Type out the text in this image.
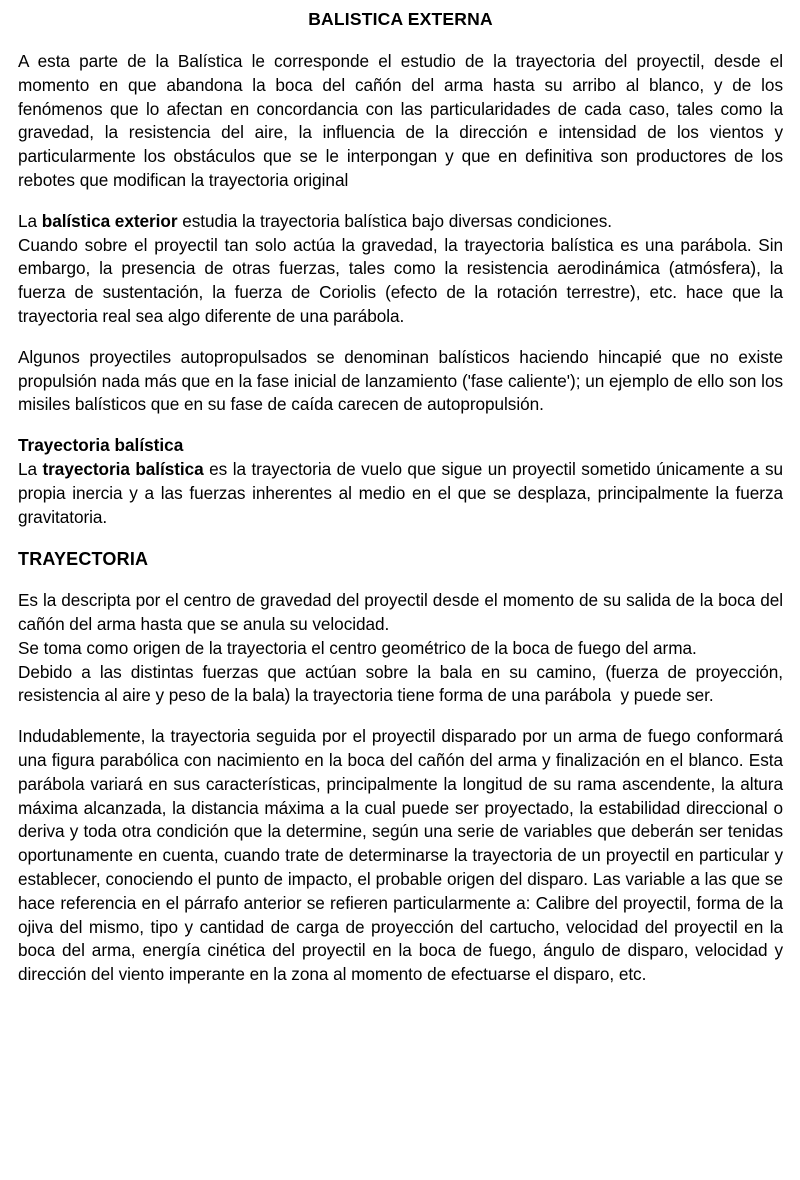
BALISTICA EXTERNA

A esta parte de la Balística le corresponde el estudio de la trayectoria del proyectil, desde el momento en que abandona la boca del cañón del arma hasta su arribo al blanco, y de los fenómenos que lo afectan en concordancia con las particularidades de cada caso, tales como la gravedad, la resistencia del aire, la influencia de la dirección e intensidad de los vientos y particularmente los obstáculos que se le interpongan y que en definitiva son productores de los rebotes que modifican la trayectoria original

La balística exterior estudia la trayectoria balística bajo diversas condiciones.

Cuando sobre el proyectil tan solo actúa la gravedad, la trayectoria balística es una parábola. Sin embargo, la presencia de otras fuerzas, tales como la resistencia aerodinámica (atmósfera), la fuerza de sustentación, la fuerza de Coriolis (efecto de la rotación terrestre), etc. hace que la trayectoria real sea algo diferente de una parábola.

Algunos proyectiles autopropulsados se denominan balísticos haciendo hincapié que no existe propulsión nada más que en la fase inicial de lanzamiento ('fase caliente'); un ejemplo de ello son los misiles balísticos que en su fase de caída carecen de autopropulsión.

Trayectoria balística

La trayectoria balística es la trayectoria de vuelo que sigue un proyectil sometido únicamente a su propia inercia y a las fuerzas inherentes al medio en el que se desplaza, principalmente la fuerza gravitatoria.

TRAYECTORIA

Es la descripta por el centro de gravedad del proyectil desde el momento de su salida de la boca del cañón del arma hasta que se anula su velocidad.

Se toma como origen de la trayectoria el centro geométrico de la boca de fuego del arma.

Debido a las distintas fuerzas que actúan sobre la bala en su camino, (fuerza de proyección, resistencia al aire y peso de la bala) la trayectoria tiene forma de una parábola  y puede ser.

Indudablemente, la trayectoria seguida por el proyectil disparado por un arma de fuego conformará una figura parabólica con nacimiento en la boca del cañón del arma y finalización en el blanco. Esta parábola variará en sus características, principalmente la longitud de su rama ascendente, la altura máxima alcanzada, la distancia máxima a la cual puede ser proyectado, la estabilidad direccional o deriva y toda otra condición que la determine, según una serie de variables que deberán ser tenidas oportunamente en cuenta, cuando trate de determinarse la trayectoria de un proyectil en particular y establecer, conociendo el punto de impacto, el probable origen del disparo. Las variable a las que se hace referencia en el párrafo anterior se refieren particularmente a: Calibre del proyectil, forma de la ojiva del mismo, tipo y cantidad de carga de proyección del cartucho, velocidad del proyectil en la boca del arma, energía cinética del proyectil en la boca de fuego, ángulo de disparo, velocidad y dirección del viento imperante en la zona al momento de efectuarse el disparo, etc.
